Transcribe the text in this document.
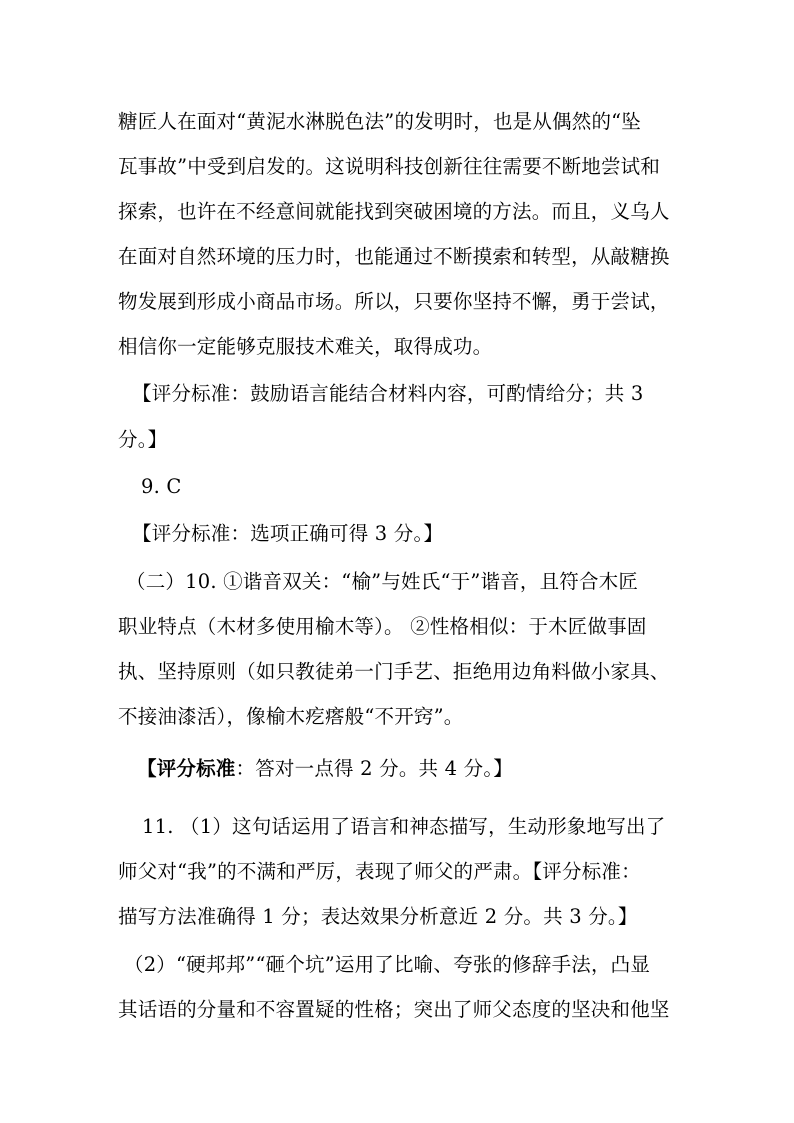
糖匠人在面对“黄泥水淋脱色法”的发明时，也是从偶然的“坠
瓦事故”中受到启发的。这说明科技创新往往需要不断地尝试和
探索，也许在不经意间就能找到突破困境的方法。而且，义乌人
在面对自然环境的压力时，也能通过不断摸索和转型，从敲糖换
物发展到形成小商品市场。所以，只要你坚持不懈，勇于尝试，
相信你一定能够克服技术难关，取得成功。
【评分标准：鼓励语言能结合材料内容，可酌情给分；共 3
分。】
9. C
【评分标准：选项正确可得 3 分。】
（二）10. ①谐音双关：“榆”与姓氏“于”谐音，且符合木匠
职业特点（木材多使用榆木等）。 ②性格相似：于木匠做事固
执、坚持原则（如只教徒弟一门手艺、拒绝用边角料做小家具、
不接油漆活），像榆木疙瘩般“不开窍”。
【评分标准：答对一点得 2 分。共 4 分。】
11. （1）这句话运用了语言和神态描写，生动形象地写出了
师父对“我”的不满和严厉，表现了师父的严肃。【评分标准：
描写方法准确得 1 分；表达效果分析意近 2 分。共 3 分。】
（2）“硬邦邦”“砸个坑”运用了比喻、夸张的修辞手法，凸显
其话语的分量和不容置疑的性格；突出了师父态度的坚决和他坚
